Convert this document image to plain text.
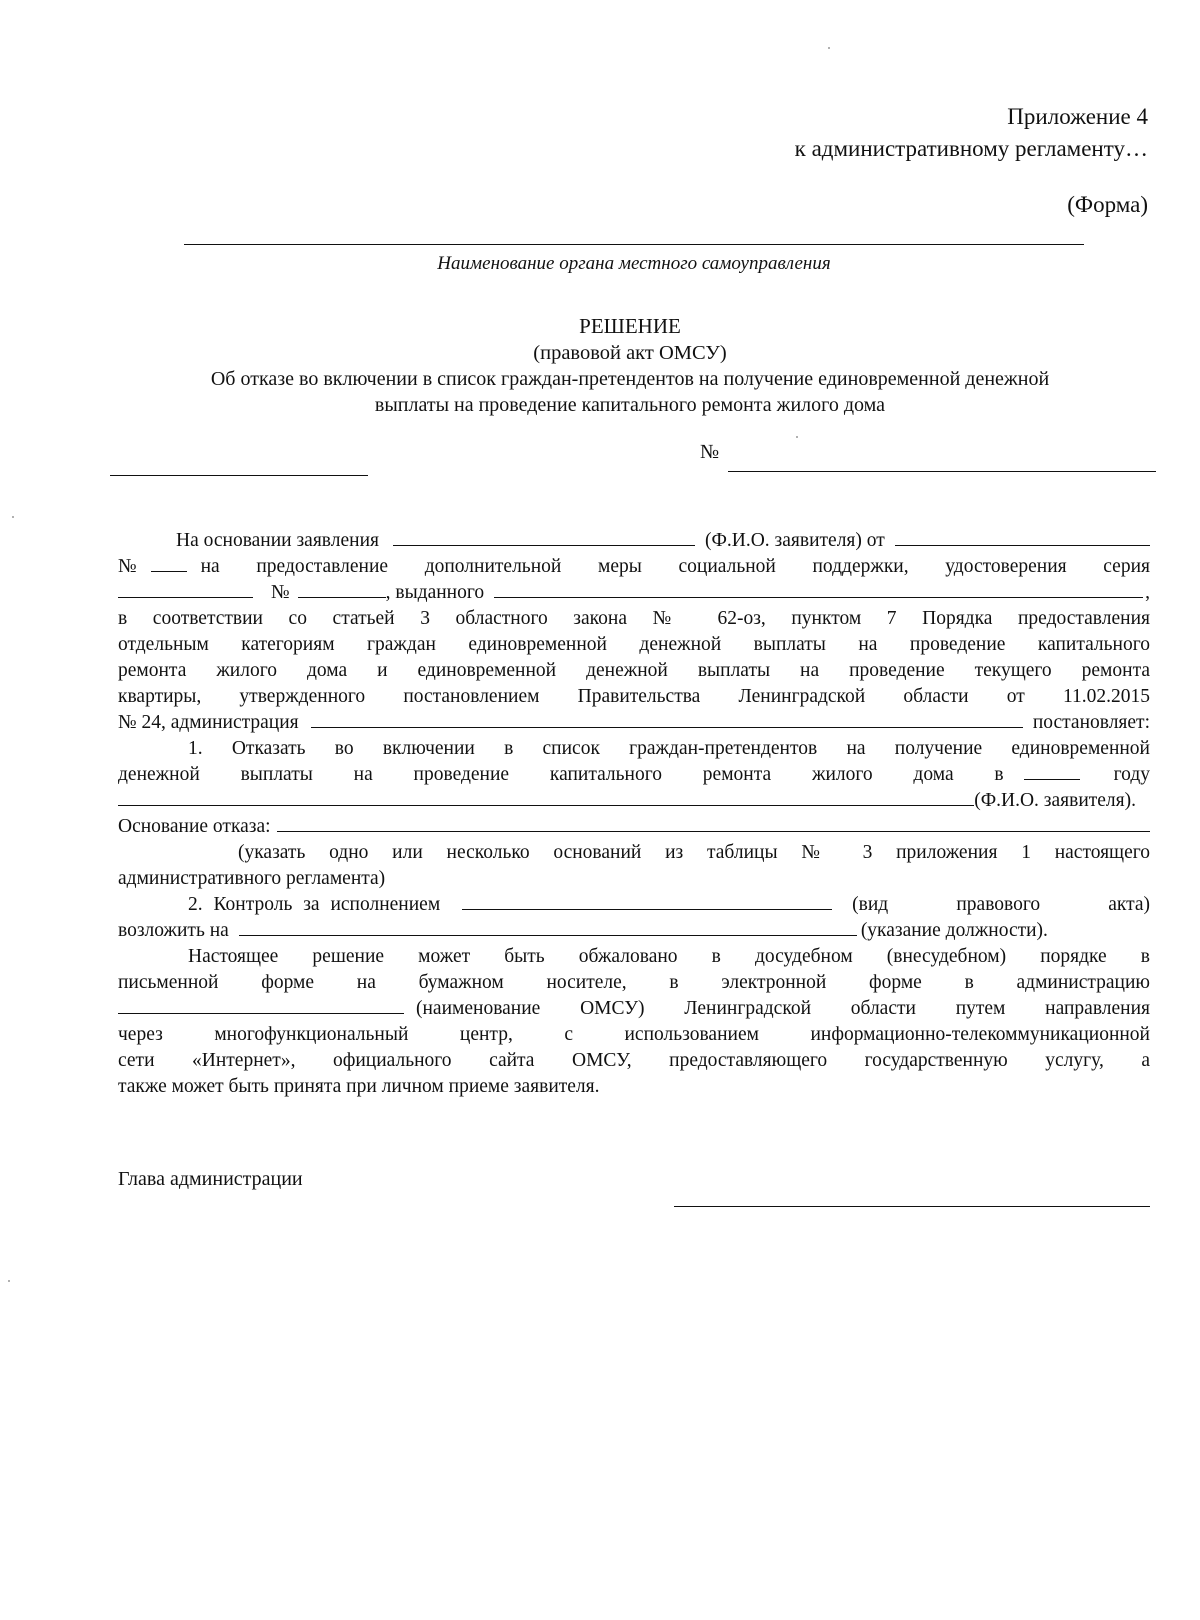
Приложение 4
к административному регламенту…
(Форма)
Наименование органа местного самоуправления
РЕШЕНИЕ
(правовой акт ОМСУ)
Об отказе во включении в список граждан-претендентов на получение единовременной денежной
выплаты на проведение капитального ремонта жилого дома
№
На основании заявления	(Ф.И.О. заявителя) от
№	на предоставление дополнительной меры социальной поддержки, удостоверения серия
№	, выданного	,
в соответствии со статьей 3 областного закона № 62-оз, пунктом 7 Порядка предоставления
отдельным категориям граждан единовременной денежной выплаты на проведение капитального
ремонта жилого дома и единовременной денежной выплаты на проведение текущего ремонта
квартиры, утвержденного постановлением Правительства Ленинградской области от 11.02.2015
№ 24, администрация	постановляет:
1. Отказать во включении в список граждан-претендентов на получение единовременной
денежной выплаты на проведение капитального ремонта жилого дома в	году
(Ф.И.О. заявителя).
Основание отказа:
(указать одно или несколько оснований из таблицы № 3 приложения 1 настоящего
административного регламента)
2. Контроль за исполнением	(вид правового акта)
возложить на	(указание должности).
Настоящее решение может быть обжаловано в досудебном (внесудебном) порядке в
письменной форме на бумажном носителе, в электронной форме в администрацию
(наименование ОМСУ) Ленинградской области путем направления
через многофункциональный центр, с использованием информационно-телекоммуникационной
сети «Интернет», официального сайта ОМСУ, предоставляющего государственную услугу, а
также может быть принята при личном приеме заявителя.
Глава администрации
